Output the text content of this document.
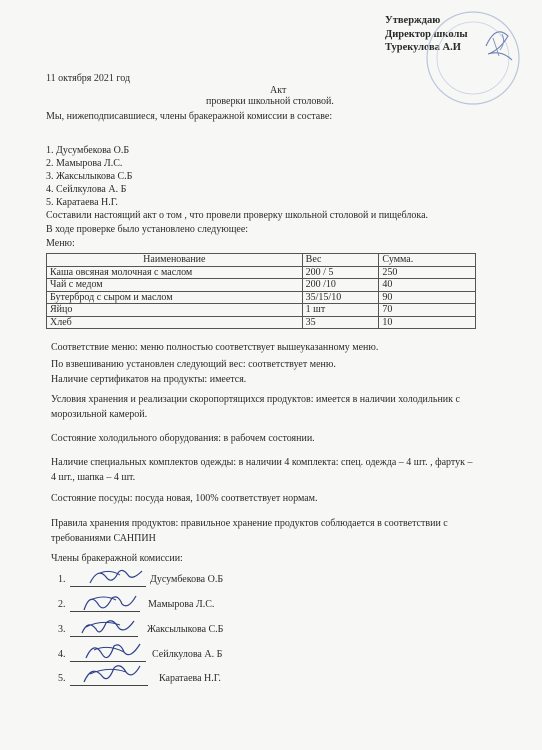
Утверждаю
Директор школы
Турекулова А.И
11 октября 2021 год
Акт
проверки школьной столовой.
Мы, нижеподписавшиеся, члены бракеражной комиссии в составе:
1. Дусумбекова О.Б
2. Мамырова Л.С.
3. Жаксылыкова С.Б
4. Сейлкулова А. Б
5. Каратаева Н.Г.
Составили настоящий акт о том , что провели проверку школьной столовой и пищеблока.
В ходе проверке было установлено следующее:
Меню:
Наименование	Вес	Сумма.
Каша овсяная молочная с маслом	200 / 5	250
Чай с медом	200 /10	40
Бутерброд с сыром и маслом	35/15/10	90
Яйцо	1 шт	70
Хлеб	35	10
Соответствие меню: меню полностью соответствует вышеуказанному меню.
По взвешиванию установлен следующий вес: соответствует меню.
Наличие сертификатов на продукты: имеется.
Условия хранения и реализации скоропортящихся продуктов: имеется в наличии холодильник с
морозильной камерой.
Состояние холодильного оборудования: в рабочем состоянии.
Наличие специальных комплектов одежды: в наличии 4 комплекта: спец. одежда – 4 шт. , фартук –
4 шт., шапка – 4 шт.
Состояние посуды: посуда новая, 100% соответствует нормам.
Правила хранения продуктов: правильное хранение продуктов соблюдается в соответствии с
требованиями САНПИН
Члены бракеражной комиссии:
1.	Дусумбекова О.Б
2.	Мамырова Л.С.
3.	Жаксылыкова С.Б
4.	Сейлкулова А. Б
5.	Каратаева Н.Г.
